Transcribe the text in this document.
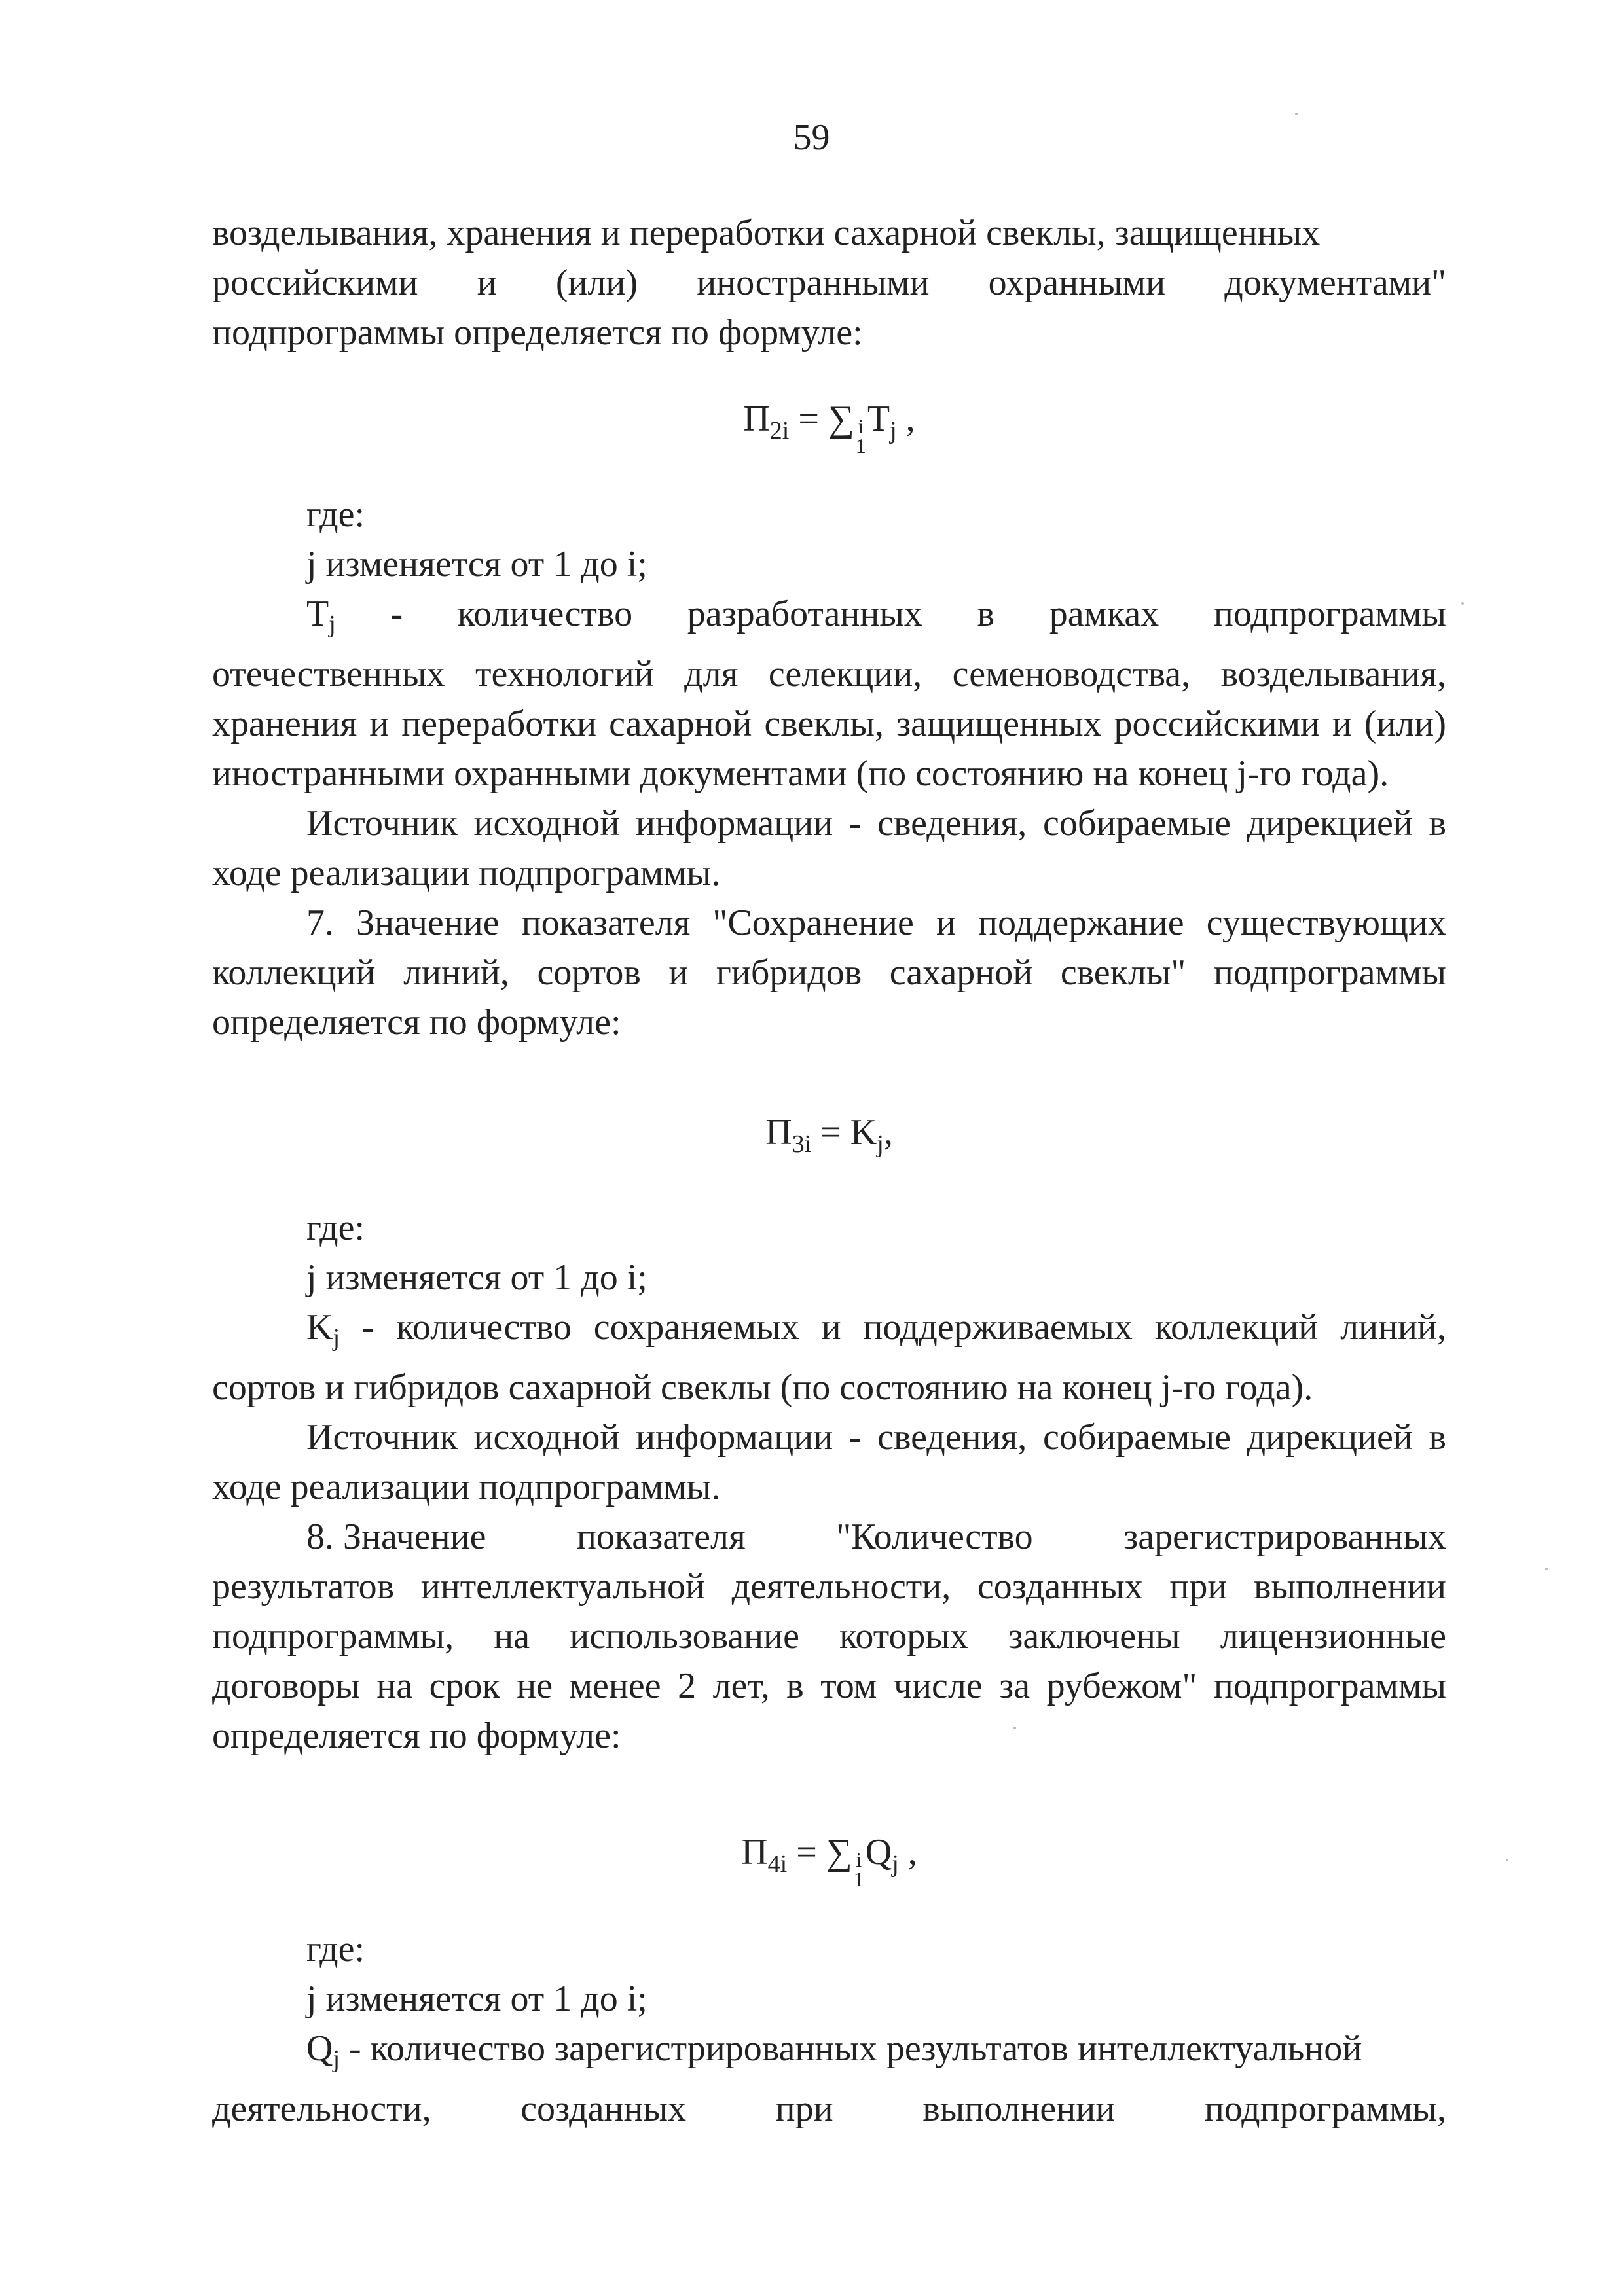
59
возделывания, хранения и переработки сахарной свеклы, защищенных
российскими и (или) иностранными охранными документами"
подпрограммы определяется по формуле:

$П_{2i}$ = ∑ i
1
$T_j$ ,

где:

j изменяется от 1 до i;

Tj - количество разработанных в рамках подпрограммы

отечественных технологий для селекции, семеноводства, возделывания, хранения и переработки сахарной свеклы, защищенных российскими и (или) иностранными охранными документами (по состоянию на конец j-го года).

Источник исходной информации - сведения, собираемые дирекцией в ходе реализации подпрограммы.

7. Значение показателя "Сохранение и поддержание существующих коллекций линий, сортов и гибридов сахарной свеклы" подпрограммы определяется по формуле:

$П_{3i} = K_j$,

где:

j изменяется от 1 до i;

Kj - количество сохраняемых и поддерживаемых коллекций линий, сортов и гибридов сахарной свеклы (по состоянию на конец j-го года).

Источник исходной информации - сведения, собираемые дирекцией в ходе реализации подпрограммы.

8. Значение показателя "Количество зарегистрированных

результатов интеллектуальной деятельности, созданных при выполнении подпрограммы, на использование которых заключены лицензионные договоры на срок не менее 2 лет, в том числе за рубежом" подпрограммы определяется по формуле:

$П_{4i}$ = ∑ i
1
$Q_j$ ,

где:

j изменяется от 1 до i;

Qj - количество зарегистрированных результатов интеллектуальной

деятельности, созданных при выполнении подпрограммы,
